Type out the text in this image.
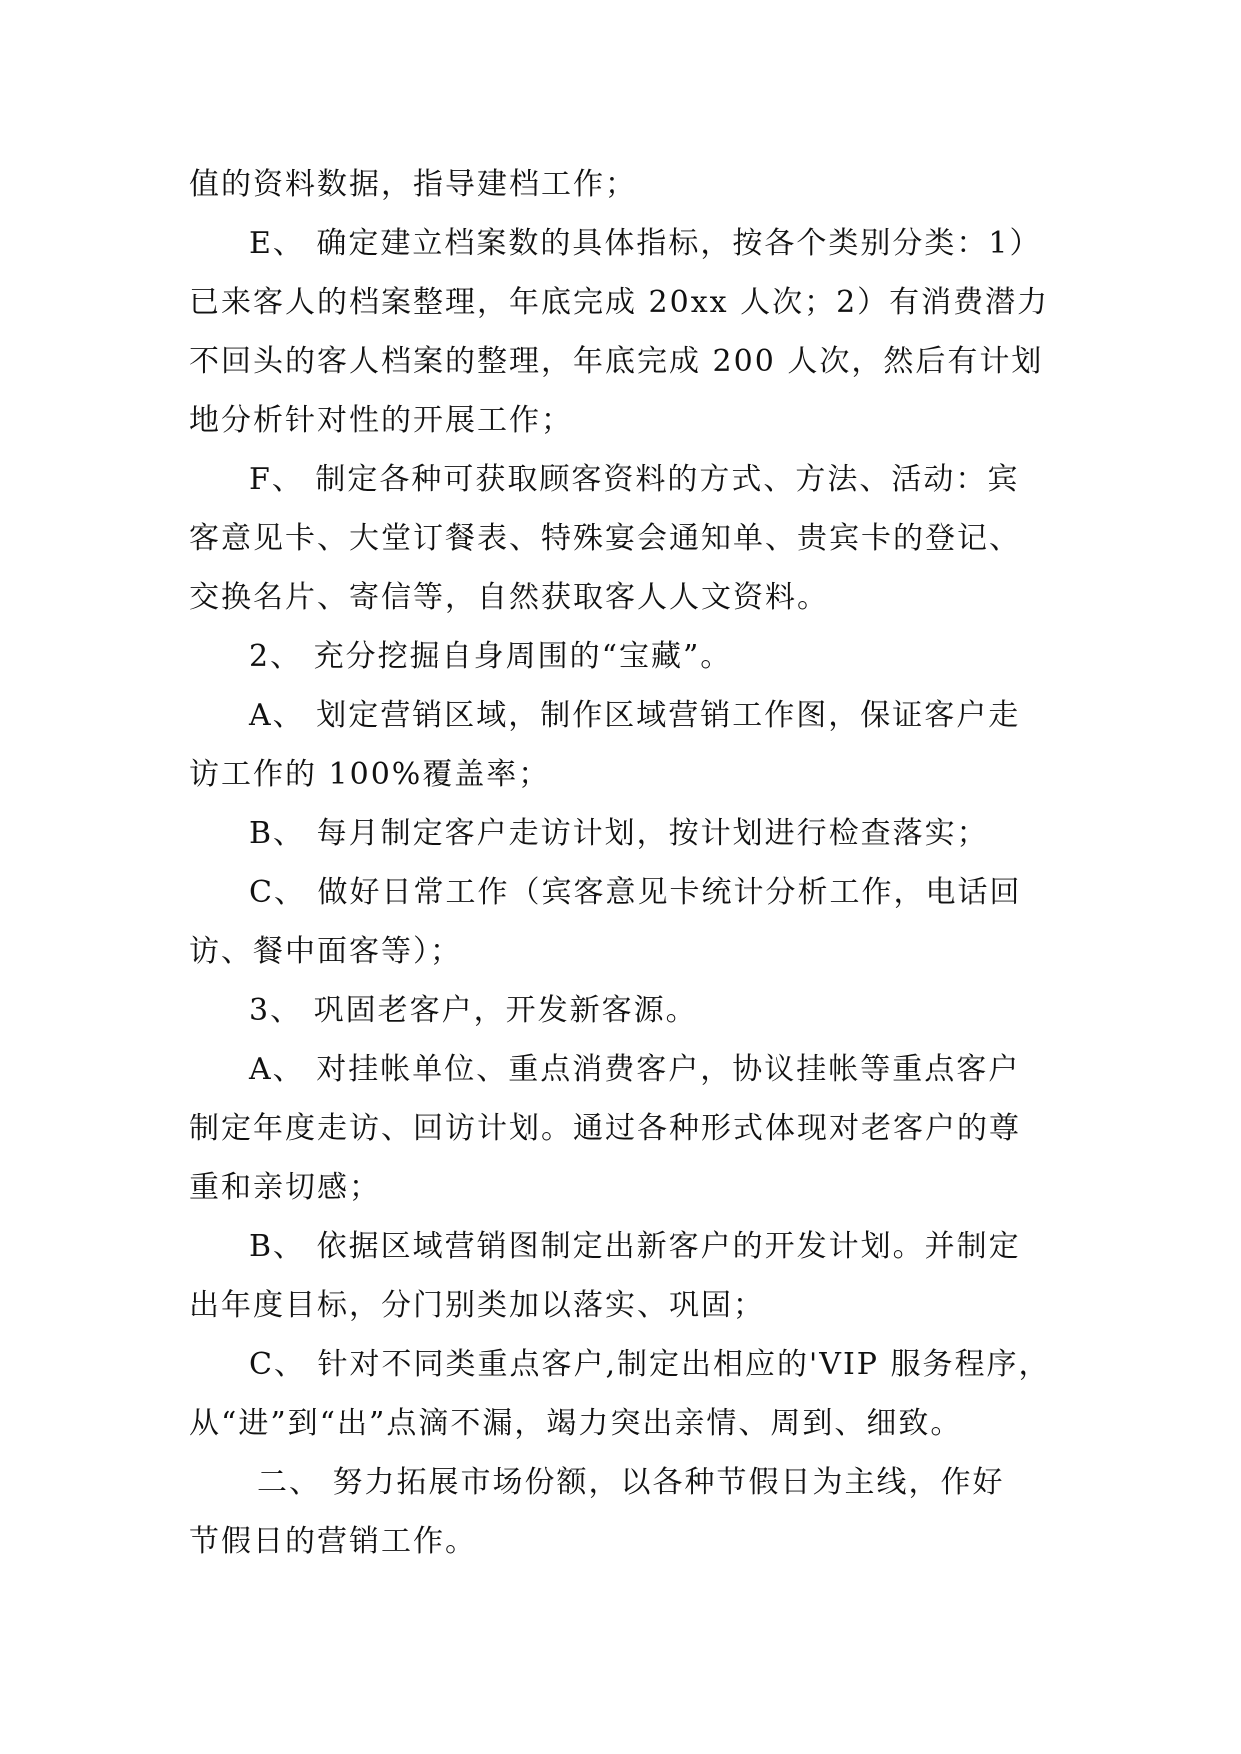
值的资料数据，指导建档工作；
E、 确定建立档案数的具体指标，按各个类别分类：1）
已来客人的档案整理，年底完成 20xx 人次；2）有消费潜力
不回头的客人档案的整理，年底完成 200 人次，然后有计划
地分析针对性的开展工作；
F、 制定各种可获取顾客资料的方式、方法、活动：宾
客意见卡、大堂订餐表、特殊宴会通知单、贵宾卡的登记、
交换名片、寄信等，自然获取客人人文资料。
2、 充分挖掘自身周围的“宝藏”。
A、 划定营销区域，制作区域营销工作图，保证客户走
访工作的 100%覆盖率；
B、 每月制定客户走访计划，按计划进行检查落实；
C、 做好日常工作（宾客意见卡统计分析工作，电话回
访、餐中面客等）；
3、 巩固老客户，开发新客源。
A、 对挂帐单位、重点消费客户，协议挂帐等重点客户
制定年度走访、回访计划。通过各种形式体现对老客户的尊
重和亲切感；
B、 依据区域营销图制定出新客户的开发计划。并制定
出年度目标，分门别类加以落实、巩固；
C、 针对不同类重点客户,制定出相应的'VIP 服务程序，
从“进”到“出”点滴不漏，竭力突出亲情、周到、细致。
二、 努力拓展市场份额，以各种节假日为主线，作好
节假日的营销工作。
